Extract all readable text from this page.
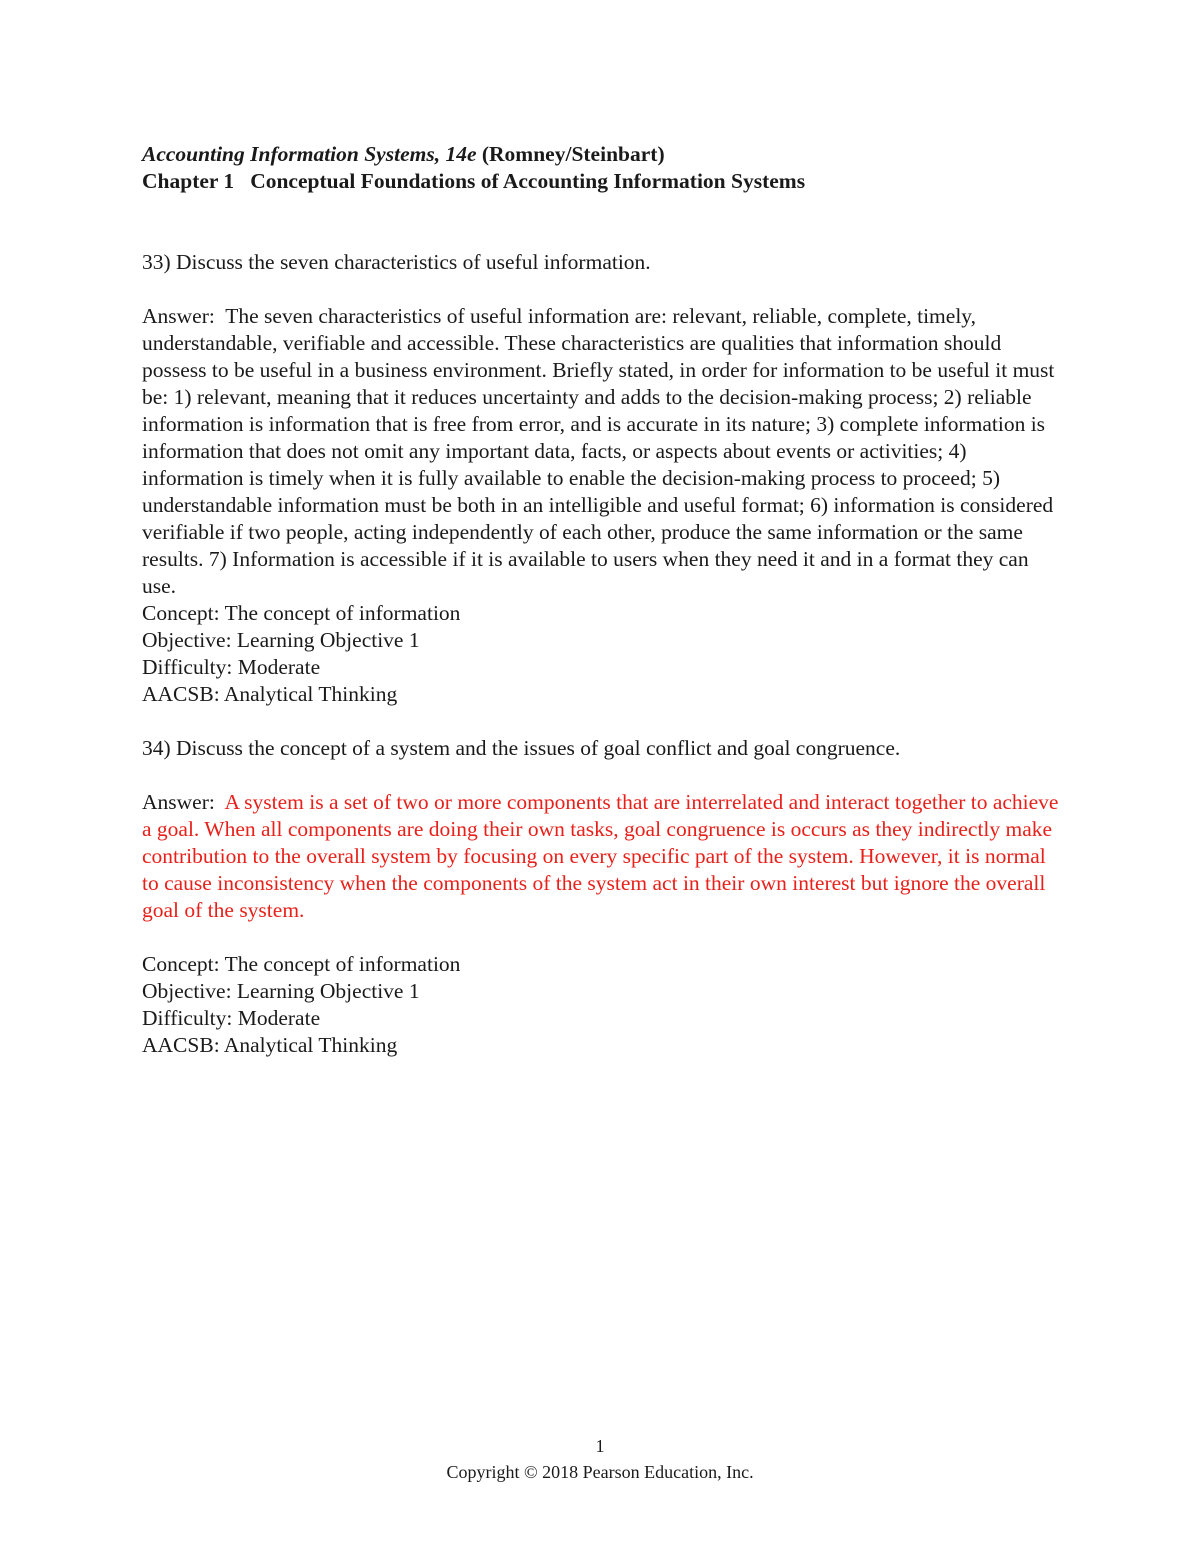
Accounting Information Systems, 14e (Romney/Steinbart)

Chapter 1 Conceptual Foundations of Accounting Information Systems

33) Discuss the seven characteristics of useful information.

Answer: The seven characteristics of useful information are: relevant, reliable, complete, timely, understandable, verifiable and accessible. These characteristics are qualities that information should possess to be useful in a business environment. Briefly stated, in order for information to be useful it must be: 1) relevant, meaning that it reduces uncertainty and adds to the decision-making process; 2) reliable information is information that is free from error, and is accurate in its nature; 3) complete information is information that does not omit any important data, facts, or aspects about events or activities; 4) information is timely when it is fully available to enable the decision-making process to proceed; 5) understandable information must be both in an intelligible and useful format; 6) information is considered verifiable if two people, acting independently of each other, produce the same information or the same results. 7) Information is accessible if it is available to users when they need it and in a format they can use.

Concept: The concept of information

Objective: Learning Objective 1

Difficulty: Moderate

AACSB: Analytical Thinking

34) Discuss the concept of a system and the issues of goal conflict and goal congruence.

Answer: A system is a set of two or more components that are interrelated and interact together to achieve a goal. When all components are doing their own tasks, goal congruence is occurs as they indirectly make contribution to the overall system by focusing on every specific part of the system. However, it is normal to cause inconsistency when the components of the system act in their own interest but ignore the overall goal of the system.

Concept: The concept of information

Objective: Learning Objective 1

Difficulty: Moderate

AACSB: Analytical Thinking

1
Copyright © 2018 Pearson Education, Inc.
